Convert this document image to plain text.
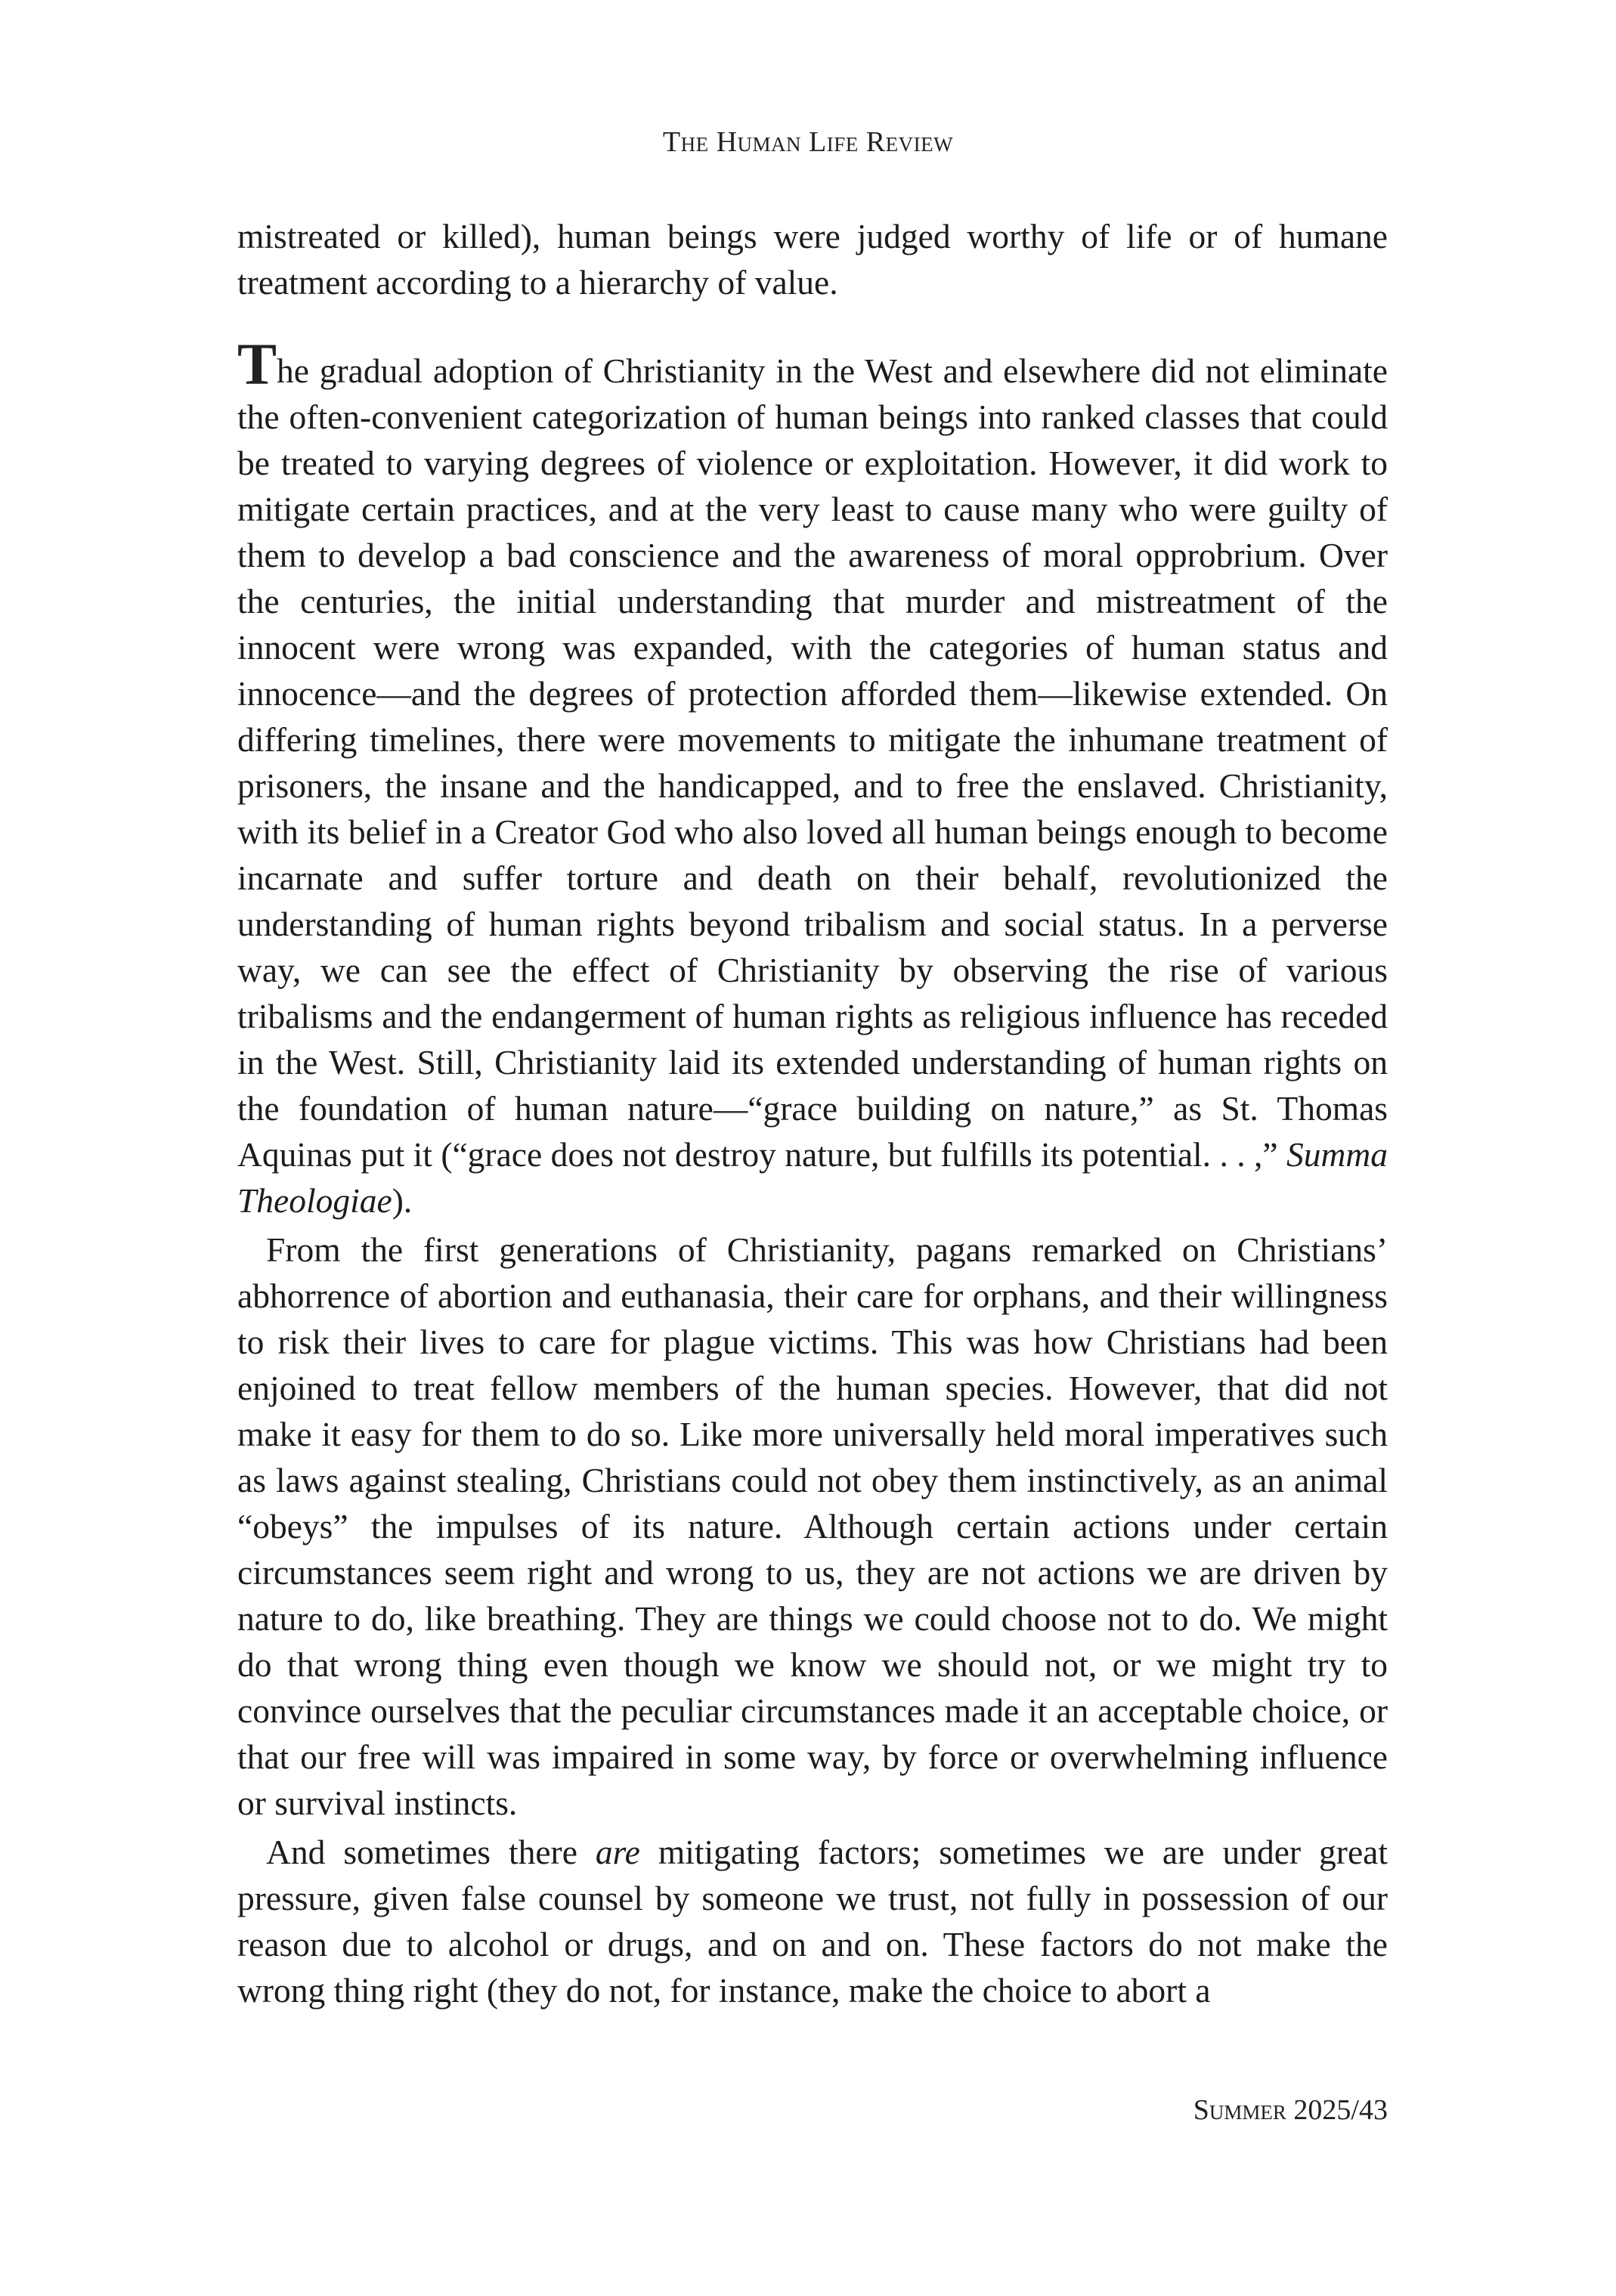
The Human Life Review

mistreated or killed), human beings were judged worthy of life or of humane treatment according to a hierarchy of value.

The gradual adoption of Christianity in the West and elsewhere did not eliminate the often-convenient categorization of human beings into ranked classes that could be treated to varying degrees of violence or exploitation. However, it did work to mitigate certain practices, and at the very least to cause many who were guilty of them to develop a bad conscience and the awareness of moral opprobrium. Over the centuries, the initial understanding that murder and mistreatment of the innocent were wrong was expanded, with the categories of human status and innocence—and the degrees of protection afforded them—likewise extended. On differing timelines, there were movements to mitigate the inhumane treatment of prisoners, the insane and the handicapped, and to free the enslaved. Christianity, with its belief in a Creator God who also loved all human beings enough to become incarnate and suffer torture and death on their behalf, revolutionized the understanding of human rights beyond tribalism and social status. In a perverse way, we can see the effect of Christianity by observing the rise of various tribalisms and the endangerment of human rights as religious influence has receded in the West. Still, Christianity laid its extended understanding of human rights on the foundation of human nature—“grace building on nature,” as St. Thomas Aquinas put it (“grace does not destroy nature, but fulfills its potential. . . ,” Summa Theologiae).

From the first generations of Christianity, pagans remarked on Christians’ abhorrence of abortion and euthanasia, their care for orphans, and their willingness to risk their lives to care for plague victims. This was how Christians had been enjoined to treat fellow members of the human species. However, that did not make it easy for them to do so. Like more universally held moral imperatives such as laws against stealing, Christians could not obey them instinctively, as an animal “obeys” the impulses of its nature. Although certain actions under certain circumstances seem right and wrong to us, they are not actions we are driven by nature to do, like breathing. They are things we could choose not to do. We might do that wrong thing even though we know we should not, or we might try to convince ourselves that the peculiar circumstances made it an acceptable choice, or that our free will was impaired in some way, by force or overwhelming influence or survival instincts.

And sometimes there are mitigating factors; sometimes we are under great pressure, given false counsel by someone we trust, not fully in possession of our reason due to alcohol or drugs, and on and on. These factors do not make the wrong thing right (they do not, for instance, make the choice to abort a

Summer 2025/43
